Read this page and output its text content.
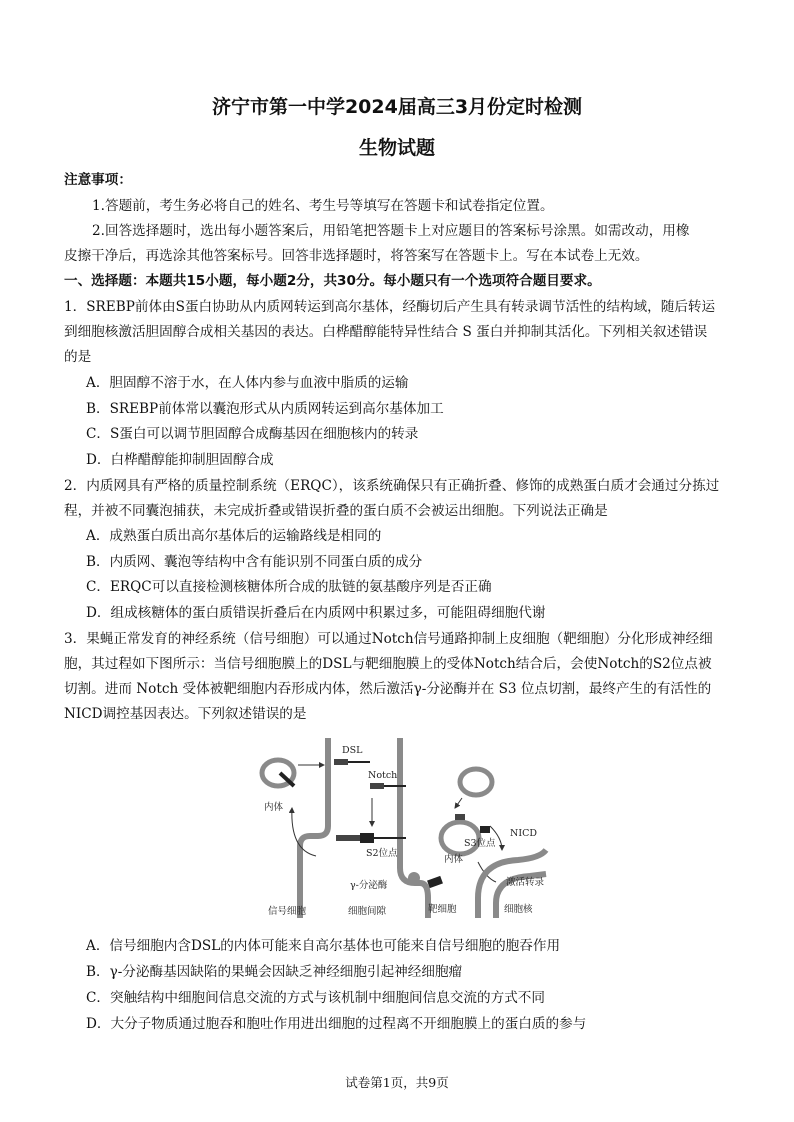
济宁市第一中学2024届高三3月份定时检测
生物试题
注意事项：
1.答题前，考生务必将自己的姓名、考生号等填写在答题卡和试卷指定位置。
2.回答选择题时，选出每小题答案后，用铅笔把答题卡上对应题目的答案标号涂黑。如需改动，用橡
皮擦干净后，再选涂其他答案标号。回答非选择题时，将答案写在答题卡上。写在本试卷上无效。
一、选择题：本题共15小题，每小题2分，共30分。每小题只有一个选项符合题目要求。
1．SREBP前体由S蛋白协助从内质网转运到高尔基体，经酶切后产生具有转录调节活性的结构域，随后转运
到细胞核激活胆固醇合成相关基因的表达。白桦醋醇能特异性结合 S 蛋白并抑制其活化。下列相关叙述错误
的是
A．胆固醇不溶于水，在人体内参与血液中脂质的运输
B．SREBP前体常以囊泡形式从内质网转运到高尔基体加工
C．S蛋白可以调节胆固醇合成酶基因在细胞核内的转录
D．白桦醋醇能抑制胆固醇合成
2．内质网具有严格的质量控制系统（ERQC），该系统确保只有正确折叠、修饰的成熟蛋白质才会通过分拣过
程，并被不同囊泡捕获，未完成折叠或错误折叠的蛋白质不会被运出细胞。下列说法正确是
A．成熟蛋白质出高尔基体后的运输路线是相同的
B．内质网、囊泡等结构中含有能识别不同蛋白质的成分
C．ERQC可以直接检测核糖体所合成的肽链的氨基酸序列是否正确
D．组成核糖体的蛋白质错误折叠后在内质网中积累过多，可能阻碍细胞代谢
3．果蝇正常发育的神经系统（信号细胞）可以通过Notch信号通路抑制上皮细胞（靶细胞）分化形成神经细
胞，其过程如下图所示：当信号细胞膜上的DSL与靶细胞膜上的受体Notch结合后，会使Notch的S2位点被
切割。进而 Notch 受体被靶细胞内吞形成内体，然后激活γ-分泌酶并在 S3 位点切割，最终产生的有活性的
NICD调控基因表达。下列叙述错误的是
DSL
Notch
内体
S2位点
γ-分泌酶
S3位点
NICD
内体
激活转录
信号细胞	细胞间隙	靶细胞	细胞核
A．信号细胞内含DSL的内体可能来自高尔基体也可能来自信号细胞的胞吞作用
B．γ-分泌酶基因缺陷的果蝇会因缺乏神经细胞引起神经细胞瘤
C．突触结构中细胞间信息交流的方式与该机制中细胞间信息交流的方式不同
D．大分子物质通过胞吞和胞吐作用进出细胞的过程离不开细胞膜上的蛋白质的参与
试卷第1页，共9页
